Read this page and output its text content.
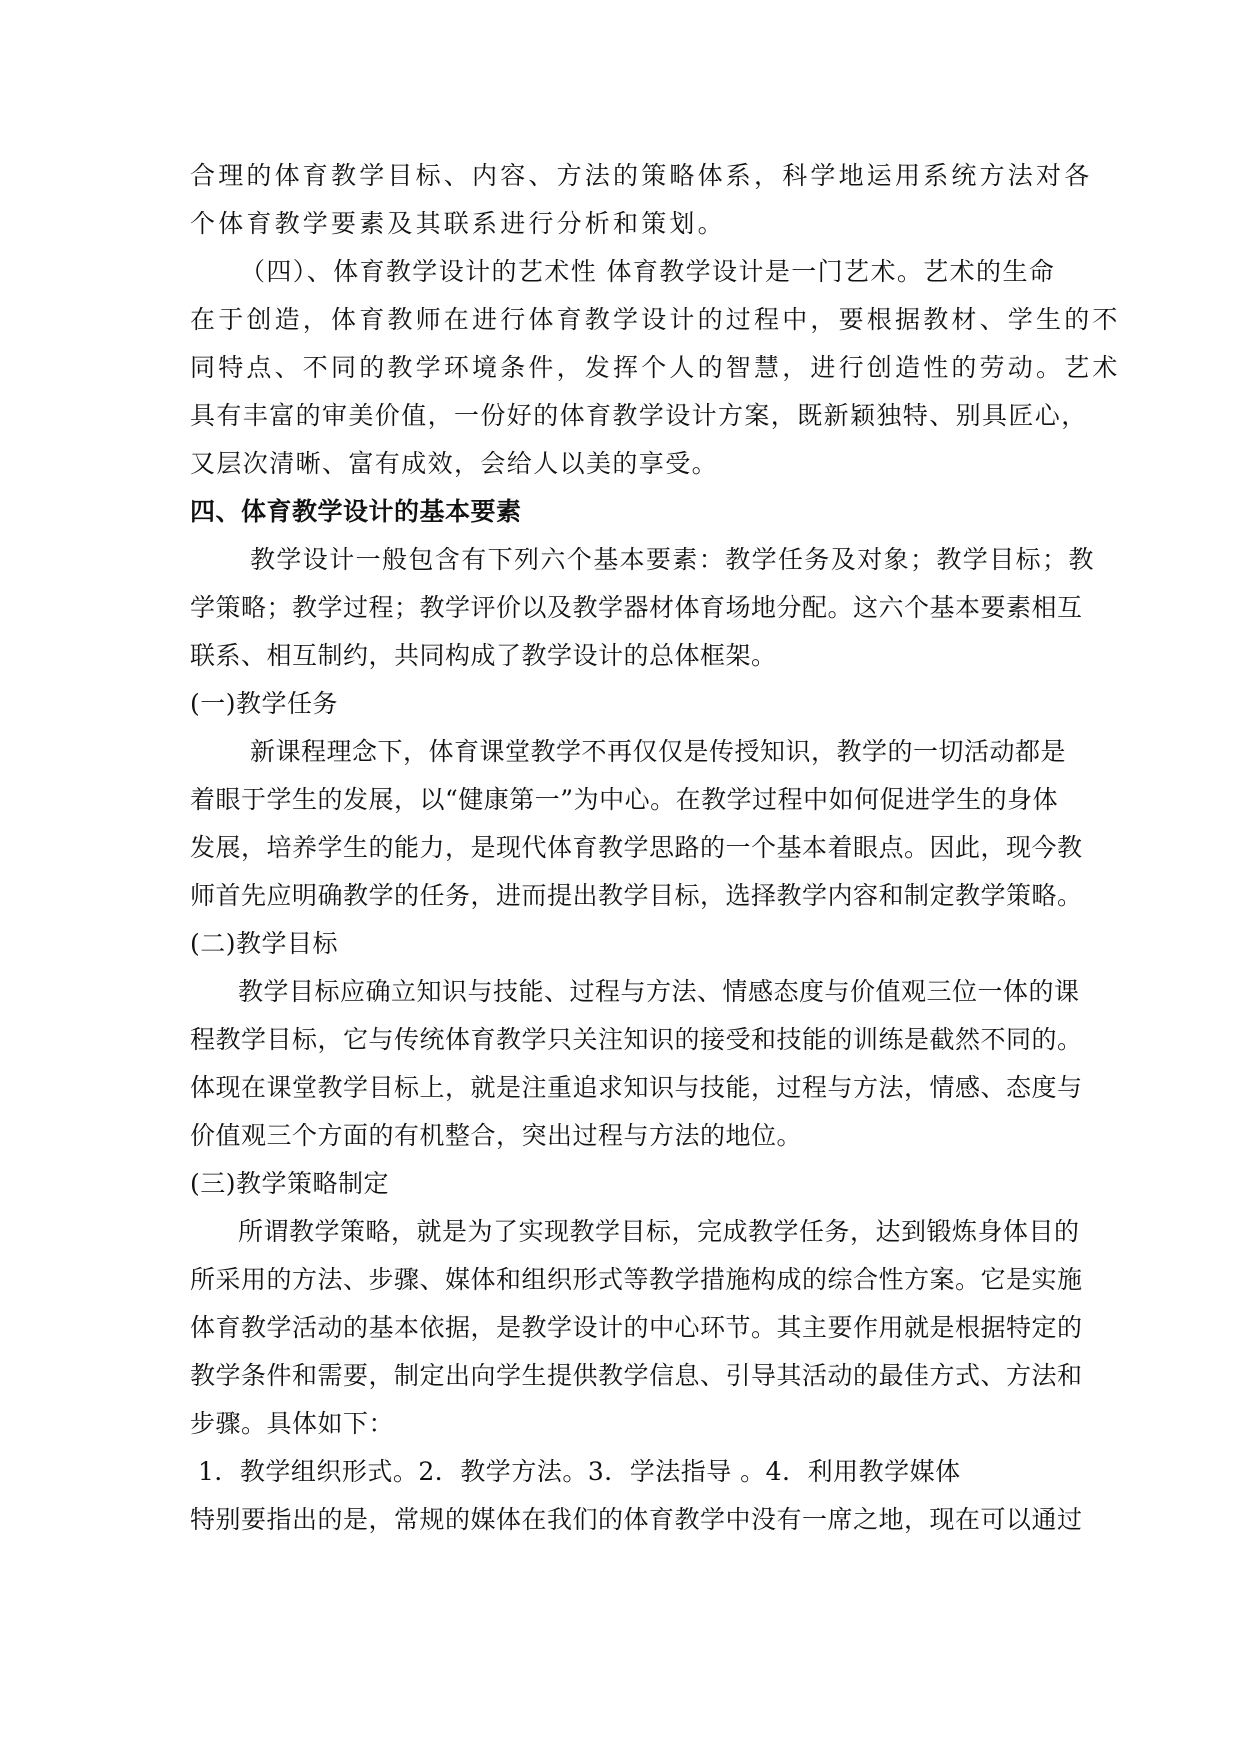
合理的体育教学目标、内容、方法的策略体系，科学地运用系统方法对各
个体育教学要素及其联系进行分析和策划。
（四）、体育教学设计的艺术性 体育教学设计是一门艺术。艺术的生命
在于创造，体育教师在进行体育教学设计的过程中，要根据教材、学生的不
同特点、不同的教学环境条件，发挥个人的智慧，进行创造性的劳动。艺术
具有丰富的审美价值，一份好的体育教学设计方案，既新颖独特、别具匠心，
又层次清晰、富有成效，会给人以美的享受。
四、体育教学设计的基本要素
教学设计一般包含有下列六个基本要素：教学任务及对象；教学目标；教
学策略；教学过程；教学评价以及教学器材体育场地分配。这六个基本要素相互
联系、相互制约，共同构成了教学设计的总体框架。
(一)教学任务
新课程理念下，体育课堂教学不再仅仅是传授知识，教学的一切活动都是
着眼于学生的发展，以“健康第一”为中心。在教学过程中如何促进学生的身体
发展，培养学生的能力，是现代体育教学思路的一个基本着眼点。因此，现今教
师首先应明确教学的任务，进而提出教学目标，选择教学内容和制定教学策略。
(二)教学目标
教学目标应确立知识与技能、过程与方法、情感态度与价值观三位一体的课
程教学目标，它与传统体育教学只关注知识的接受和技能的训练是截然不同的。
体现在课堂教学目标上，就是注重追求知识与技能，过程与方法，情感、态度与
价值观三个方面的有机整合，突出过程与方法的地位。
(三)教学策略制定
所谓教学策略，就是为了实现教学目标，完成教学任务，达到锻炼身体目的
所采用的方法、步骤、媒体和组织形式等教学措施构成的综合性方案。它是实施
体育教学活动的基本依据，是教学设计的中心环节。其主要作用就是根据特定的
教学条件和需要，制定出向学生提供教学信息、引导其活动的最佳方式、方法和
步骤。具体如下：
1．教学组织形式。2．教学方法。3．学法指导 。4．利用教学媒体
特别要指出的是，常规的媒体在我们的体育教学中没有一席之地，现在可以通过
